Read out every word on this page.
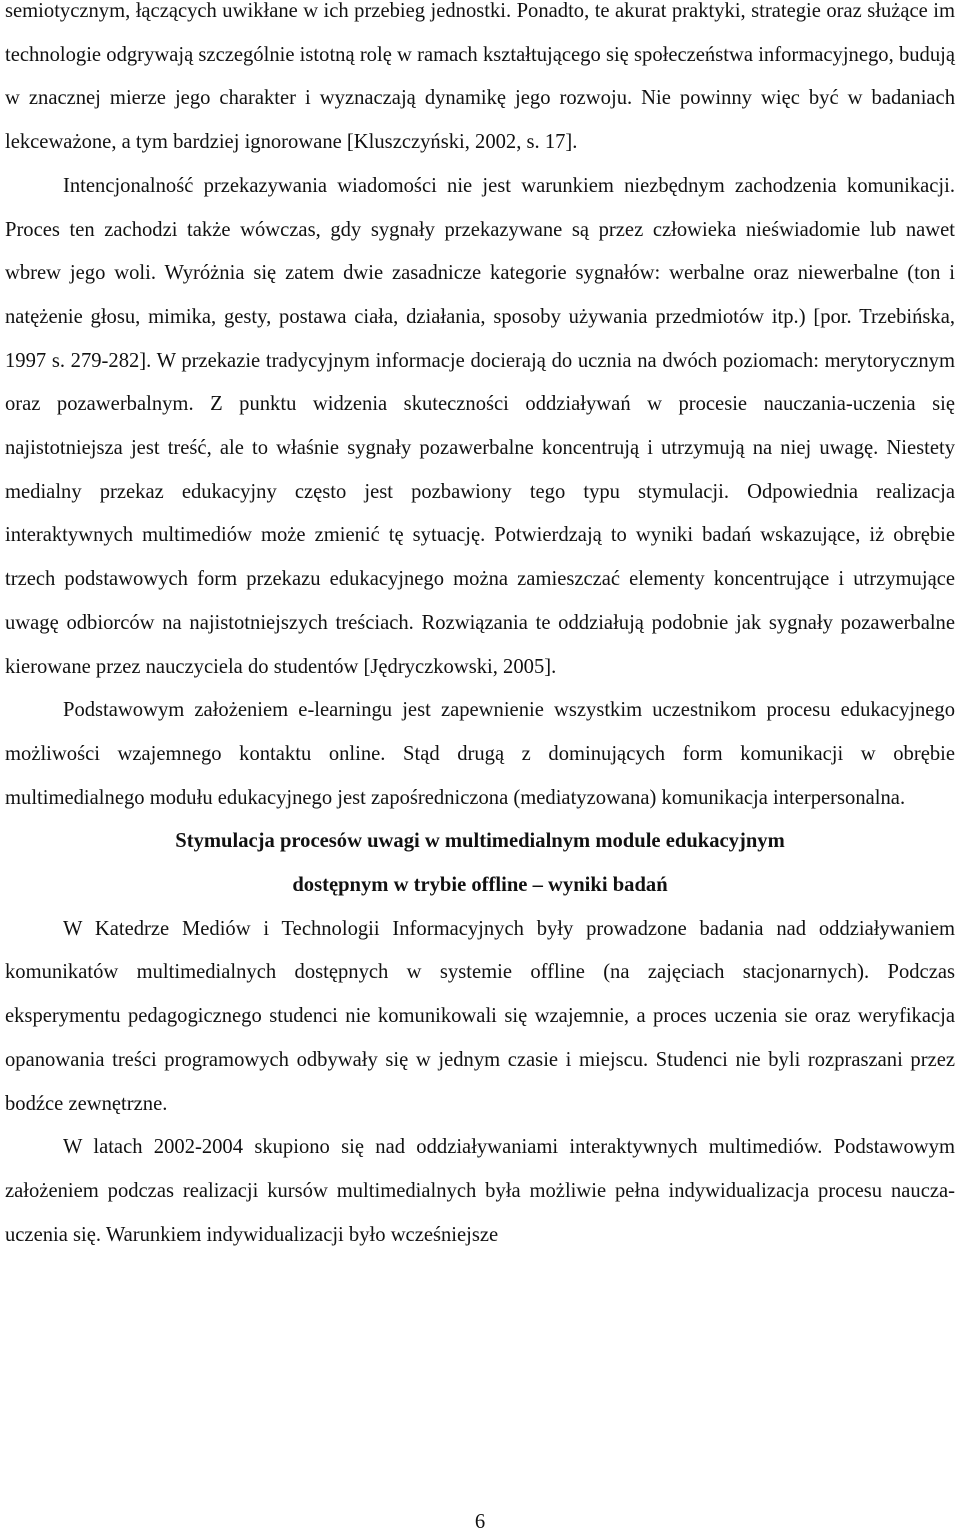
semiotycznym, łączących uwikłane w ich przebieg jednostki. Ponadto, te akurat praktyki, strategie oraz służące im technologie odgrywają szczególnie istotną rolę w ramach kształtującego się społeczeństwa informacyjnego, budują w znacznej mierze jego charakter i wyznaczają dynamikę jego rozwoju. Nie powinny więc być w badaniach lekceważone, a tym bardziej ignorowane [Kluszczyński, 2002, s. 17].

Intencjonalność przekazywania wiadomości nie jest warunkiem niezbędnym zachodzenia komunikacji. Proces ten zachodzi także wówczas, gdy sygnały przekazywane są przez człowieka nieświadomie lub nawet wbrew jego woli. Wyróżnia się zatem dwie zasadnicze kategorie sygnałów: werbalne oraz niewerbalne (ton i natężenie głosu, mimika, gesty, postawa ciała, działania, sposoby używania przedmiotów itp.) [por. Trzebińska, 1997 s. 279-282]. W przekazie tradycyjnym informacje docierają do ucznia na dwóch poziomach: merytorycznym oraz pozawerbalnym. Z punktu widzenia skuteczności oddziaływań w procesie nauczania-uczenia się najistotniejsza jest treść, ale to właśnie sygnały pozawerbalne koncentrują i utrzymują na niej uwagę. Niestety medialny przekaz edukacyjny często jest pozbawiony tego typu stymulacji. Odpowiednia realizacja interaktywnych multimediów może zmienić tę sytuację. Potwierdzają to wyniki badań wskazujące, iż obrębie trzech podstawowych form przekazu edukacyjnego można zamieszczać elementy koncentrujące i utrzymujące uwagę odbiorców na najistotniejszych treściach. Rozwiązania te oddziałują podobnie jak sygnały pozawerbalne kierowane przez nauczyciela do studentów [Jędryczkowski, 2005].

Podstawowym założeniem e-learningu jest zapewnienie wszystkim uczestnikom procesu edukacyjnego możliwości wzajemnego kontaktu online. Stąd drugą z dominujących form komunikacji w obrębie multimedialnego modułu edukacyjnego jest zapośredniczona (mediatyzowana) komunikacja interpersonalna.

Stymulacja procesów uwagi w multimedialnym module edukacyjnym
dostępnym w trybie offline – wyniki badań

W Katedrze Mediów i Technologii Informacyjnych były prowadzone badania nad oddziaływaniem komunikatów multimedialnych dostępnych w systemie offline (na zajęciach stacjonarnych). Podczas eksperymentu pedagogicznego studenci nie komunikowali się wzajemnie, a proces uczenia sie oraz weryfikacja opanowania treści programowych odbywały się w jednym czasie i miejscu. Studenci nie byli rozpraszani przez bodźce zewnętrzne.

W latach 2002-2004 skupiono się nad oddziaływaniami interaktywnych multimediów. Podstawowym założeniem podczas realizacji kursów multimedialnych była możliwie pełna indywidualizacja procesu naucza-uczenia się. Warunkiem indywidualizacji było wcześniejsze

6
